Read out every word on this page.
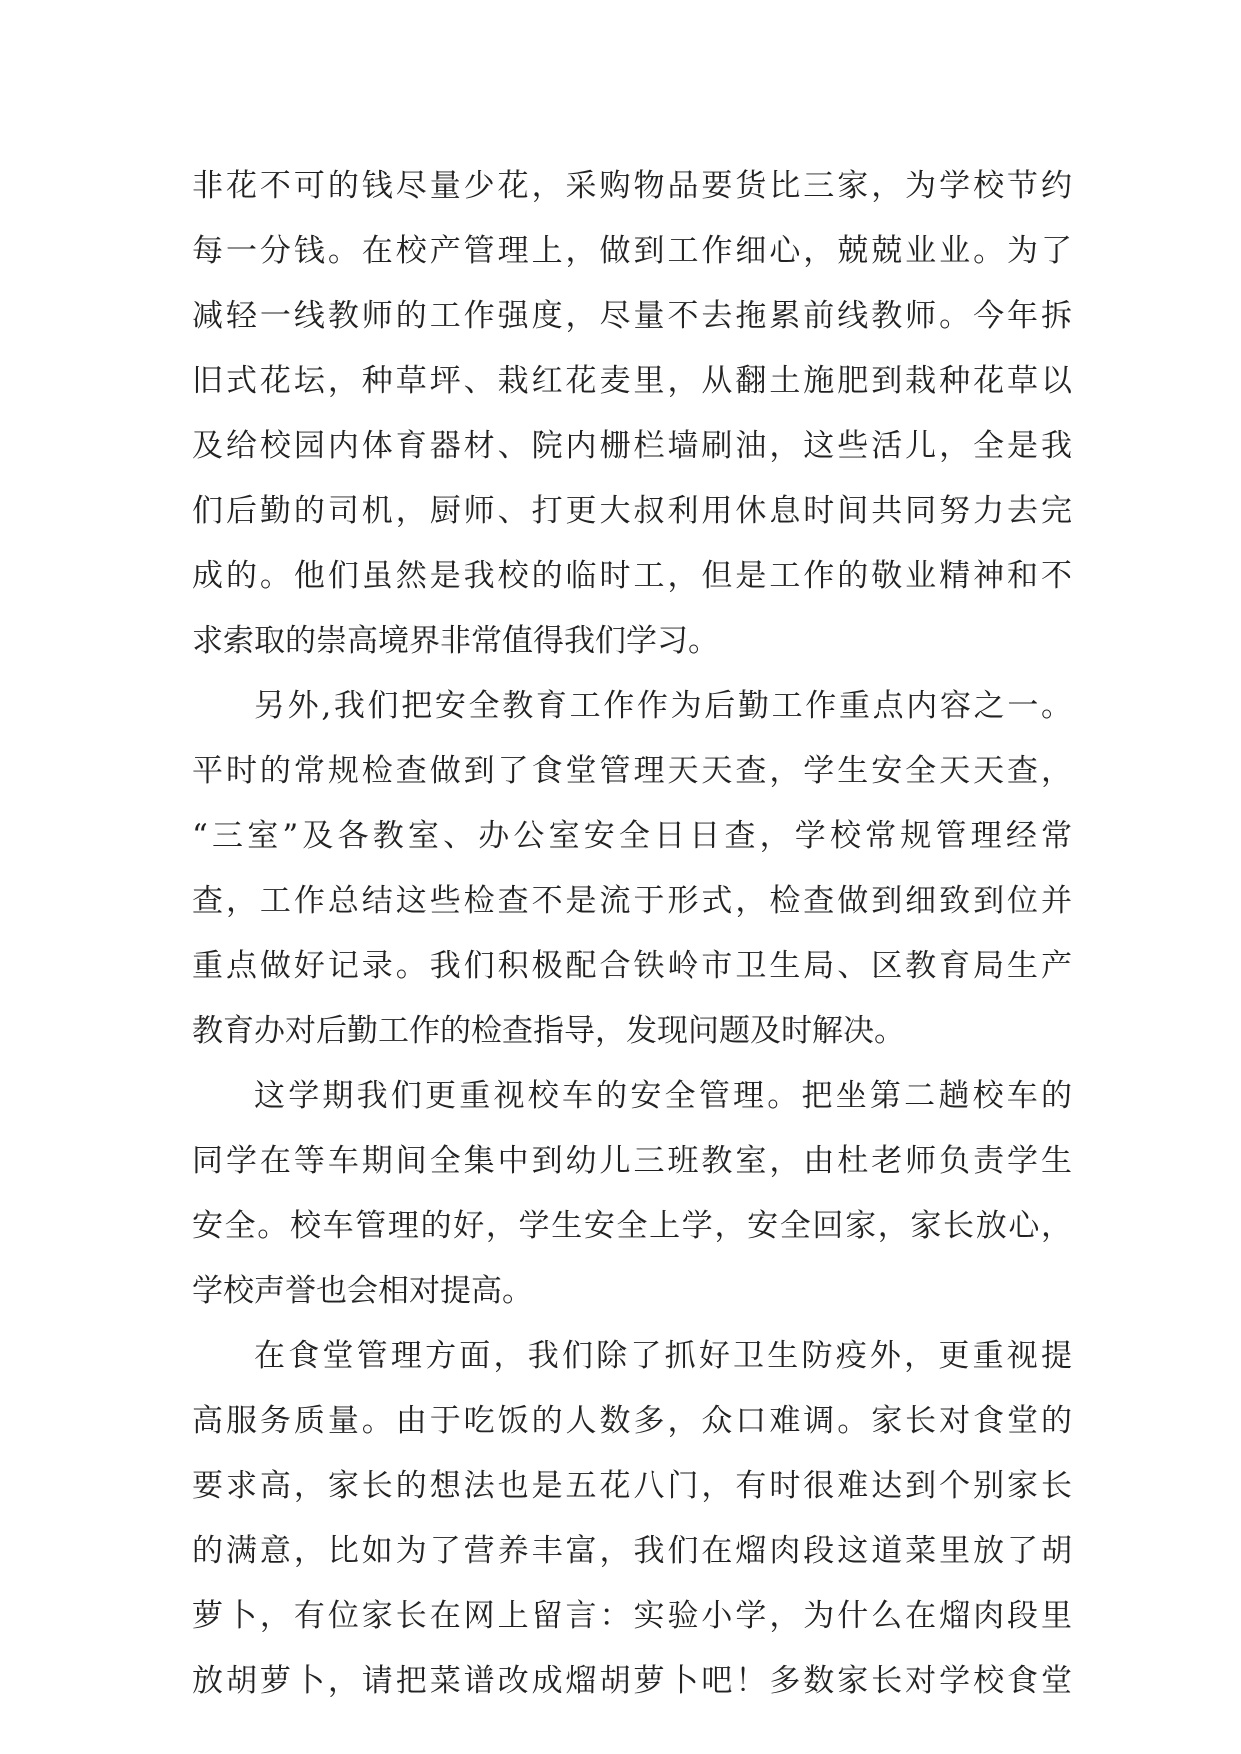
非花不可的钱尽量少花，采购物品要货比三家，为学校节约
每一分钱。在校产管理上，做到工作细心，兢兢业业。为了
减轻一线教师的工作强度，尽量不去拖累前线教师。今年拆
旧式花坛，种草坪、栽红花麦里，从翻土施肥到栽种花草以
及给校园内体育器材、院内栅栏墙刷油，这些活儿，全是我
们后勤的司机，厨师、打更大叔利用休息时间共同努力去完
成的。他们虽然是我校的临时工，但是工作的敬业精神和不
求索取的崇高境界非常值得我们学习。
另外,我们把安全教育工作作为后勤工作重点内容之一。
平时的常规检查做到了食堂管理天天查，学生安全天天查，
“三室”及各教室、办公室安全日日查，学校常规管理经常
查，工作总结这些检查不是流于形式，检查做到细致到位并
重点做好记录。我们积极配合铁岭市卫生局、区教育局生产
教育办对后勤工作的检查指导，发现问题及时解决。
这学期我们更重视校车的安全管理。把坐第二趟校车的
同学在等车期间全集中到幼儿三班教室，由杜老师负责学生
安全。校车管理的好，学生安全上学，安全回家，家长放心，
学校声誉也会相对提高。
在食堂管理方面，我们除了抓好卫生防疫外，更重视提
高服务质量。由于吃饭的人数多，众口难调。家长对食堂的
要求高，家长的想法也是五花八门，有时很难达到个别家长
的满意，比如为了营养丰富，我们在熘肉段这道菜里放了胡
萝卜，有位家长在网上留言：实验小学，为什么在熘肉段里
放胡萝卜，请把菜谱改成熘胡萝卜吧！多数家长对学校食堂
